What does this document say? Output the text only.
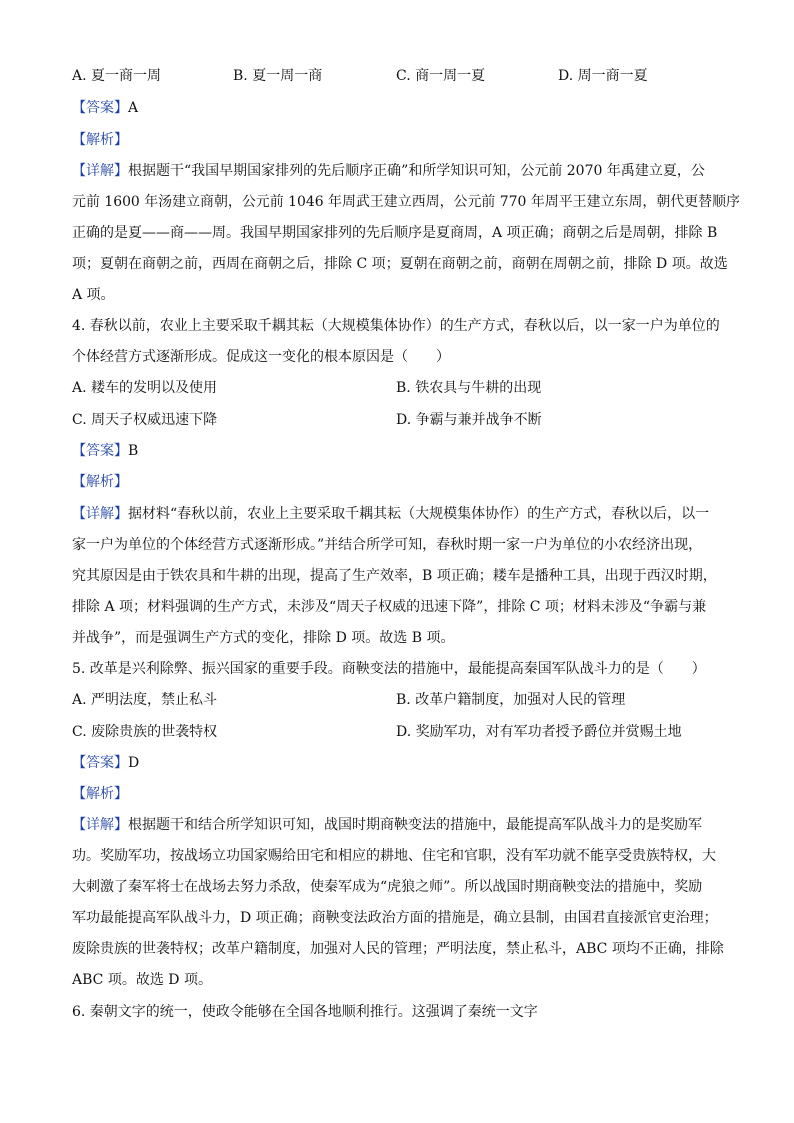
A. 夏一商一周	B. 夏一周一商	C. 商一周一夏	D. 周一商一夏
【答案】A
【解析】
【详解】根据题干“我国早期国家排列的先后顺序正确”和所学知识可知，公元前 2070 年禹建立夏，公
元前 1600 年汤建立商朝，公元前 1046 年周武王建立西周，公元前 770 年周平王建立东周，朝代更替顺序
正确的是夏——商——周。我国早期国家排列的先后顺序是夏商周，A 项正确；商朝之后是周朝，排除 B
项；夏朝在商朝之前，西周在商朝之后，排除 C 项；夏朝在商朝之前，商朝在周朝之前，排除 D 项。故选
A 项。
4. 春秋以前，农业上主要采取千耦其耘（大规模集体协作）的生产方式，春秋以后，以一家一户为单位的
个体经营方式逐渐形成。促成这一变化的根本原因是（　　）
A. 耧车的发明以及使用	B. 铁农具与牛耕的出现
C. 周天子权威迅速下降	D. 争霸与兼并战争不断
【答案】B
【解析】
【详解】据材料“春秋以前，农业上主要采取千耦其耘（大规模集体协作）的生产方式，春秋以后，以一
家一户为单位的个体经营方式逐渐形成。”并结合所学可知，春秋时期一家一户为单位的小农经济出现，
究其原因是由于铁农具和牛耕的出现，提高了生产效率，B 项正确；耧车是播种工具，出现于西汉时期，
排除 A 项；材料强调的生产方式，未涉及“周天子权威的迅速下降”，排除 C 项；材料未涉及“争霸与兼
并战争”，而是强调生产方式的变化，排除 D 项。故选 B 项。
5. 改革是兴利除弊、振兴国家的重要手段。商鞅变法的措施中，最能提高秦国军队战斗力的是（　　）
A. 严明法度，禁止私斗	B. 改革户籍制度，加强对人民的管理
C. 废除贵族的世袭特权	D. 奖励军功，对有军功者授予爵位并赏赐土地
【答案】D
【解析】
【详解】根据题干和结合所学知识可知，战国时期商鞅变法的措施中，最能提高军队战斗力的是奖励军
功。奖励军功，按战场立功国家赐给田宅和相应的耕地、住宅和官职，没有军功就不能享受贵族特权，大
大刺激了秦军将士在战场去努力杀敌，使秦军成为“虎狼之师”。所以战国时期商鞅变法的措施中，奖励
军功最能提高军队战斗力，D 项正确；商鞅变法政治方面的措施是，确立县制，由国君直接派官吏治理；
废除贵族的世袭特权；改革户籍制度，加强对人民的管理；严明法度，禁止私斗，ABC 项均不正确，排除
ABC 项。故选 D 项。
6. 秦朝文字的统一，使政令能够在全国各地顺利推行。这强调了秦统一文字
